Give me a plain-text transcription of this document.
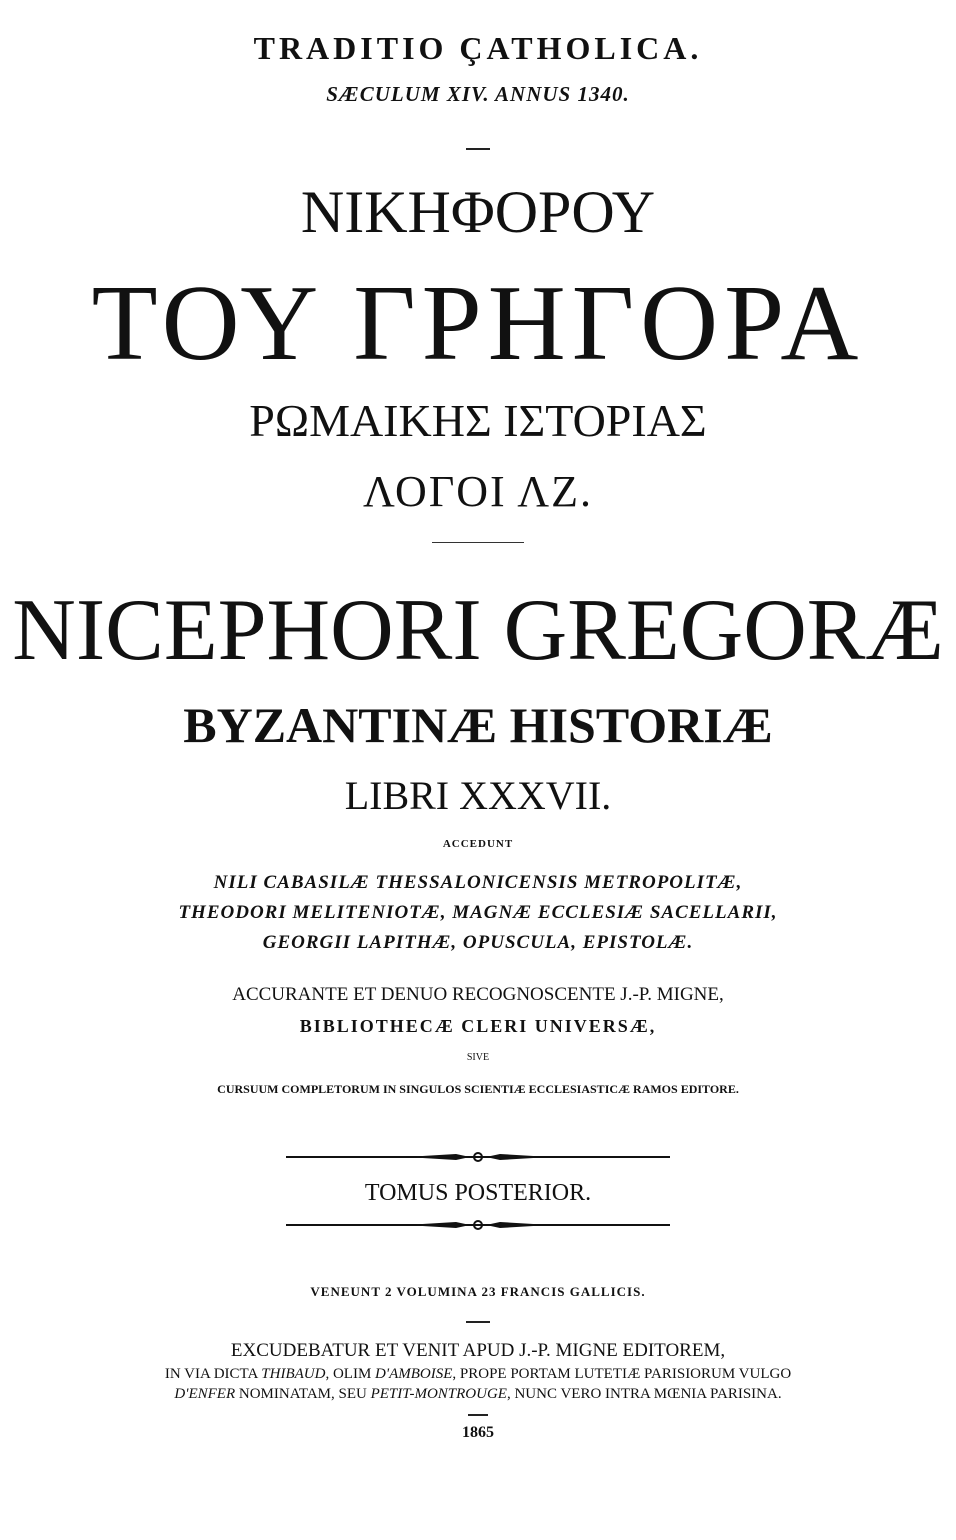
TRADITIO ÇATHOLICA.
SÆCULUM XIV. ANNUS 1340.
ΝΙΚΗΦΟΡΟΥ
ΤΟΥ ΓΡΗΓΟΡΑ
ΡΩΜΑΙΚΗΣ ΙΣΤΟΡΙΑΣ
ΛΟΓΟΙ ΛΖ.
NICEPHORI GREGORÆ
BYZANTINÆ HISTORIÆ
LIBRI XXXVII.
ACCEDUNT
NILI CABASILÆ THESSALONICENSIS METROPOLITÆ,
THEODORI MELITENIOTÆ, MAGNÆ ECCLESIÆ SACELLARII,
GEORGII LAPITHÆ, OPUSCULA, EPISTOLÆ.
ACCURANTE ET DENUO RECOGNOSCENTE J.-P. MIGNE,
BIBLIOTHECÆ CLERI UNIVERSÆ,
SIVE
CURSUUM COMPLETORUM IN SINGULOS SCIENTIÆ ECCLESIASTICÆ RAMOS EDITORE.
TOMUS POSTERIOR.
VENEUNT 2 VOLUMINA 23 FRANCIS GALLICIS.
EXCUDEBATUR ET VENIT APUD J.-P. MIGNE EDITOREM,
IN VIA DICTA THIBAUD, OLIM D'AMBOISE, PROPE PORTAM LUTETIÆ PARISIORUM VULGO
D'ENFER NOMINATAM, SEU PETIT-MONTROUGE, NUNC VERO INTRA MŒNIA PARISINA.
1865
